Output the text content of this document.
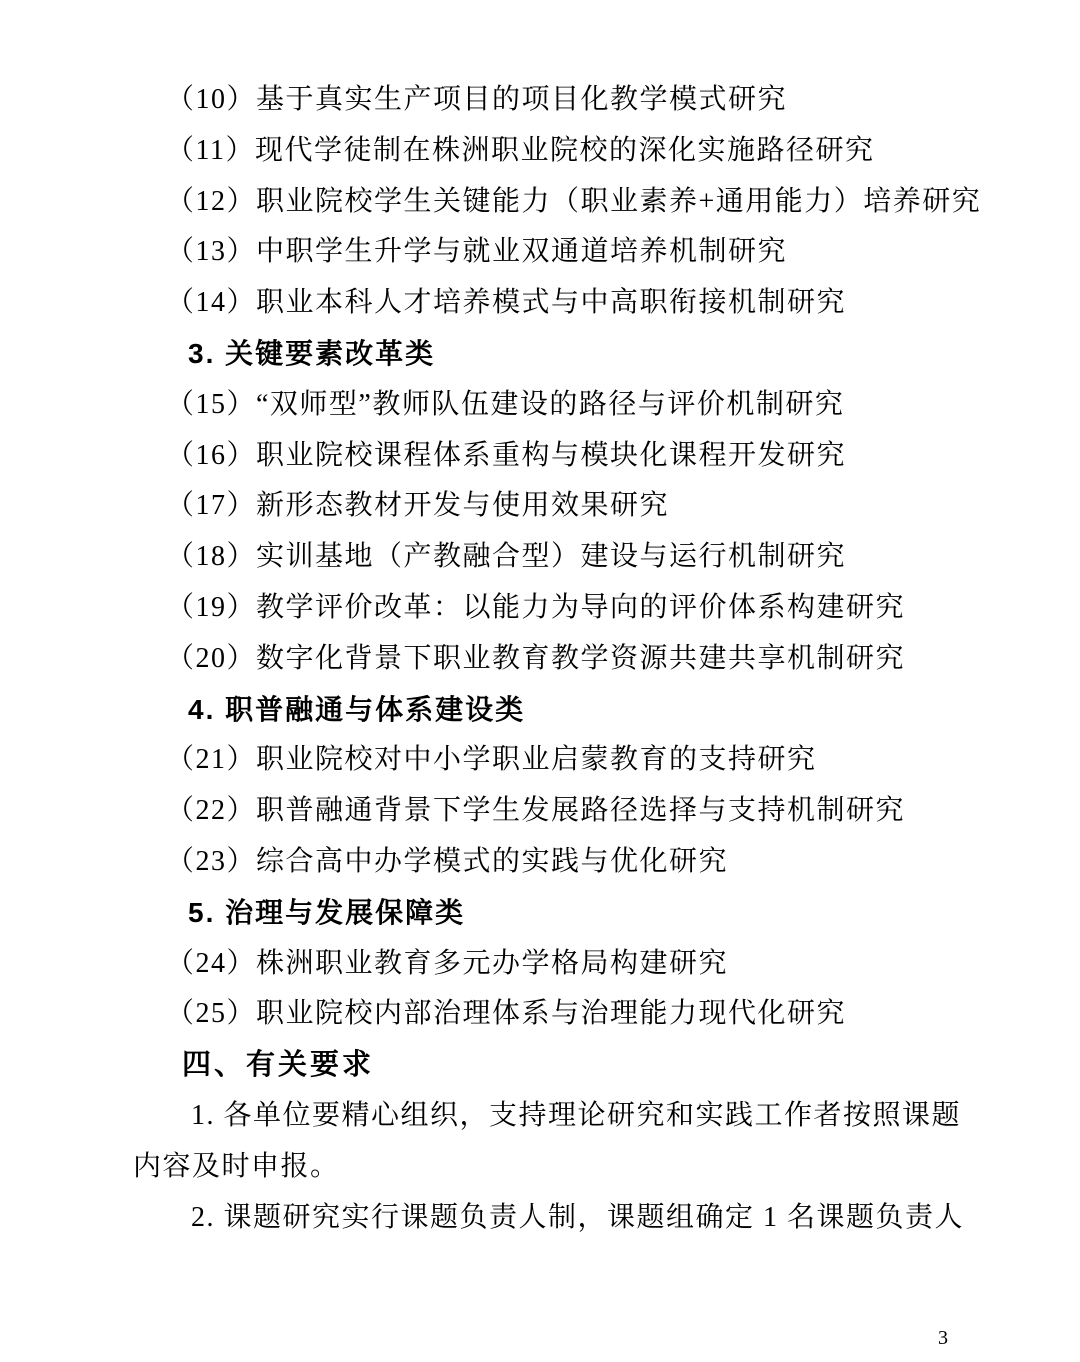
（10）基于真实生产项目的项目化教学模式研究
（11）现代学徒制在株洲职业院校的深化实施路径研究
（12）职业院校学生关键能力（职业素养+通用能力）培养研究
（13）中职学生升学与就业双通道培养机制研究
（14）职业本科人才培养模式与中高职衔接机制研究
3. 关键要素改革类
（15）“双师型”教师队伍建设的路径与评价机制研究
（16）职业院校课程体系重构与模块化课程开发研究
（17）新形态教材开发与使用效果研究
（18）实训基地（产教融合型）建设与运行机制研究
（19）教学评价改革：以能力为导向的评价体系构建研究
（20）数字化背景下职业教育教学资源共建共享机制研究
4. 职普融通与体系建设类
（21）职业院校对中小学职业启蒙教育的支持研究
（22）职普融通背景下学生发展路径选择与支持机制研究
（23）综合高中办学模式的实践与优化研究
5. 治理与发展保障类
（24）株洲职业教育多元办学格局构建研究
（25）职业院校内部治理体系与治理能力现代化研究
四、有关要求
1. 各单位要精心组织，支持理论研究和实践工作者按照课题
内容及时申报。
2. 课题研究实行课题负责人制，课题组确定 1 名课题负责人
3
